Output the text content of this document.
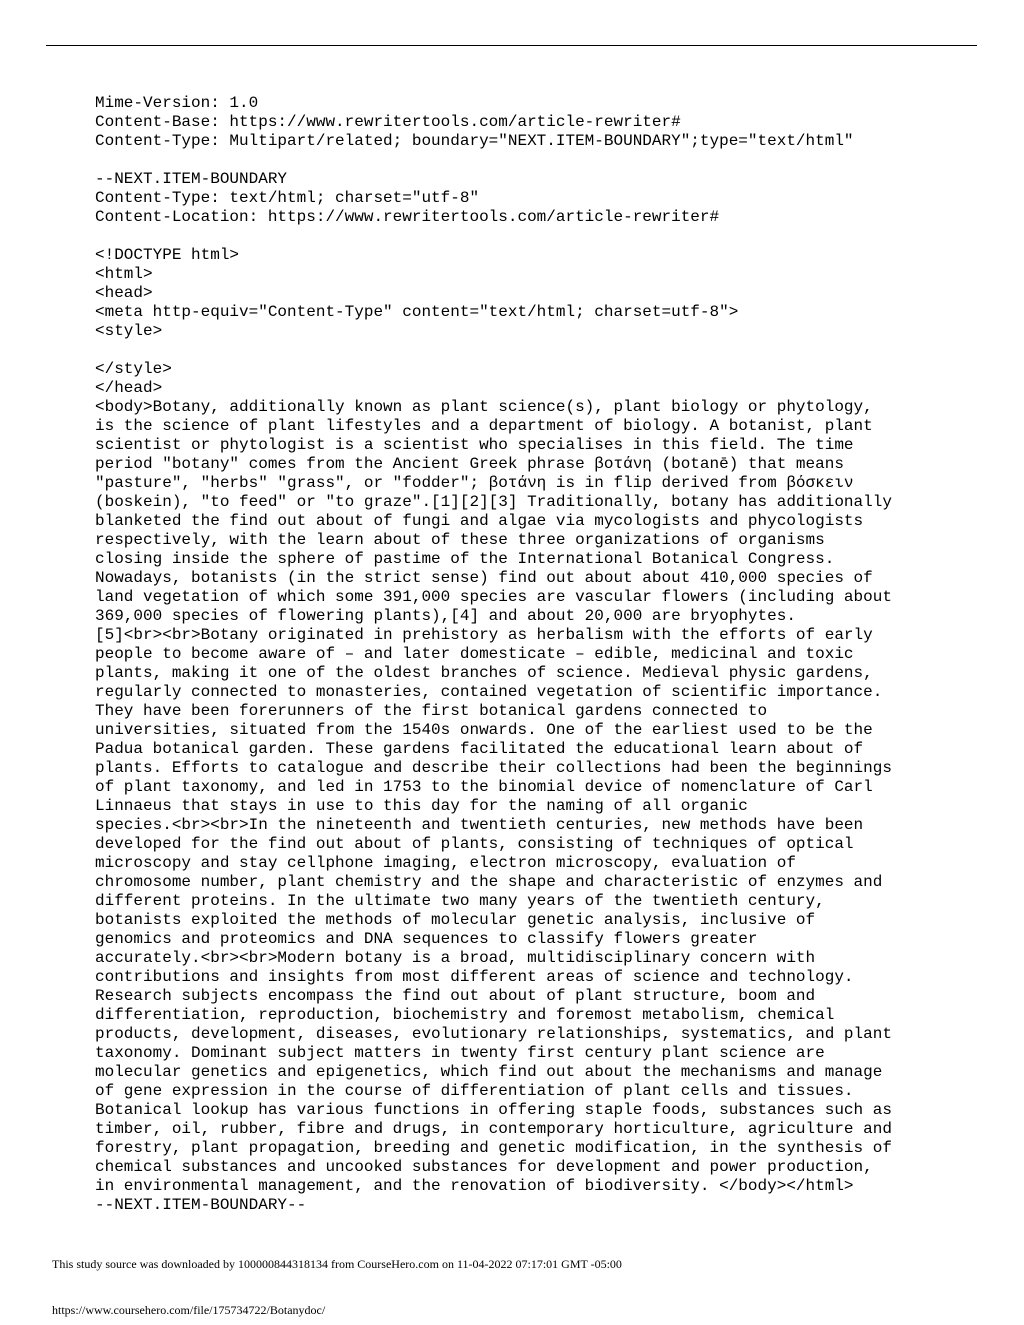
Mime-Version: 1.0
Content-Base: https://www.rewritertools.com/article-rewriter#
Content-Type: Multipart/related; boundary="NEXT.ITEM-BOUNDARY";type="text/html"
--NEXT.ITEM-BOUNDARY
Content-Type: text/html; charset="utf-8"
Content-Location: https://www.rewritertools.com/article-rewriter#
<!DOCTYPE html>
<html>
<head>
<meta http-equiv="Content-Type" content="text/html; charset=utf-8">
<style>
</style>
</head>
<body>Botany, additionally known as plant science(s), plant biology or phytology,
is the science of plant lifestyles and a department of biology. A botanist, plant
scientist or phytologist is a scientist who specialises in this field. The time
period "botany" comes from the Ancient Greek phrase βοτάνη (botanē) that means
"pasture", "herbs" "grass", or "fodder"; βοτάνη is in flip derived from βόσκειν
(boskein), "to feed" or "to graze".[1][2][3] Traditionally, botany has additionally
blanketed the find out about of fungi and algae via mycologists and phycologists
respectively, with the learn about of these three organizations of organisms
closing inside the sphere of pastime of the International Botanical Congress.
Nowadays, botanists (in the strict sense) find out about about 410,000 species of
land vegetation of which some 391,000 species are vascular flowers (including about
369,000 species of flowering plants),[4] and about 20,000 are bryophytes.
[5]<br><br>Botany originated in prehistory as herbalism with the efforts of early
people to become aware of – and later domesticate – edible, medicinal and toxic
plants, making it one of the oldest branches of science. Medieval physic gardens,
regularly connected to monasteries, contained vegetation of scientific importance.
They have been forerunners of the first botanical gardens connected to
universities, situated from the 1540s onwards. One of the earliest used to be the
Padua botanical garden. These gardens facilitated the educational learn about of
plants. Efforts to catalogue and describe their collections had been the beginnings
of plant taxonomy, and led in 1753 to the binomial device of nomenclature of Carl
Linnaeus that stays in use to this day for the naming of all organic
species.<br><br>In the nineteenth and twentieth centuries, new methods have been
developed for the find out about of plants, consisting of techniques of optical
microscopy and stay cellphone imaging, electron microscopy, evaluation of
chromosome number, plant chemistry and the shape and characteristic of enzymes and
different proteins. In the ultimate two many years of the twentieth century,
botanists exploited the methods of molecular genetic analysis, inclusive of
genomics and proteomics and DNA sequences to classify flowers greater
accurately.<br><br>Modern botany is a broad, multidisciplinary concern with
contributions and insights from most different areas of science and technology.
Research subjects encompass the find out about of plant structure, boom and
differentiation, reproduction, biochemistry and foremost metabolism, chemical
products, development, diseases, evolutionary relationships, systematics, and plant
taxonomy. Dominant subject matters in twenty first century plant science are
molecular genetics and epigenetics, which find out about the mechanisms and manage
of gene expression in the course of differentiation of plant cells and tissues.
Botanical lookup has various functions in offering staple foods, substances such as
timber, oil, rubber, fibre and drugs, in contemporary horticulture, agriculture and
forestry, plant propagation, breeding and genetic modification, in the synthesis of
chemical substances and uncooked substances for development and power production,
in environmental management, and the renovation of biodiversity. </body></html>
--NEXT.ITEM-BOUNDARY--
This study source was downloaded by 100000844318134 from CourseHero.com on 11-04-2022 07:17:01 GMT -05:00
https://www.coursehero.com/file/175734722/Botanydoc/
